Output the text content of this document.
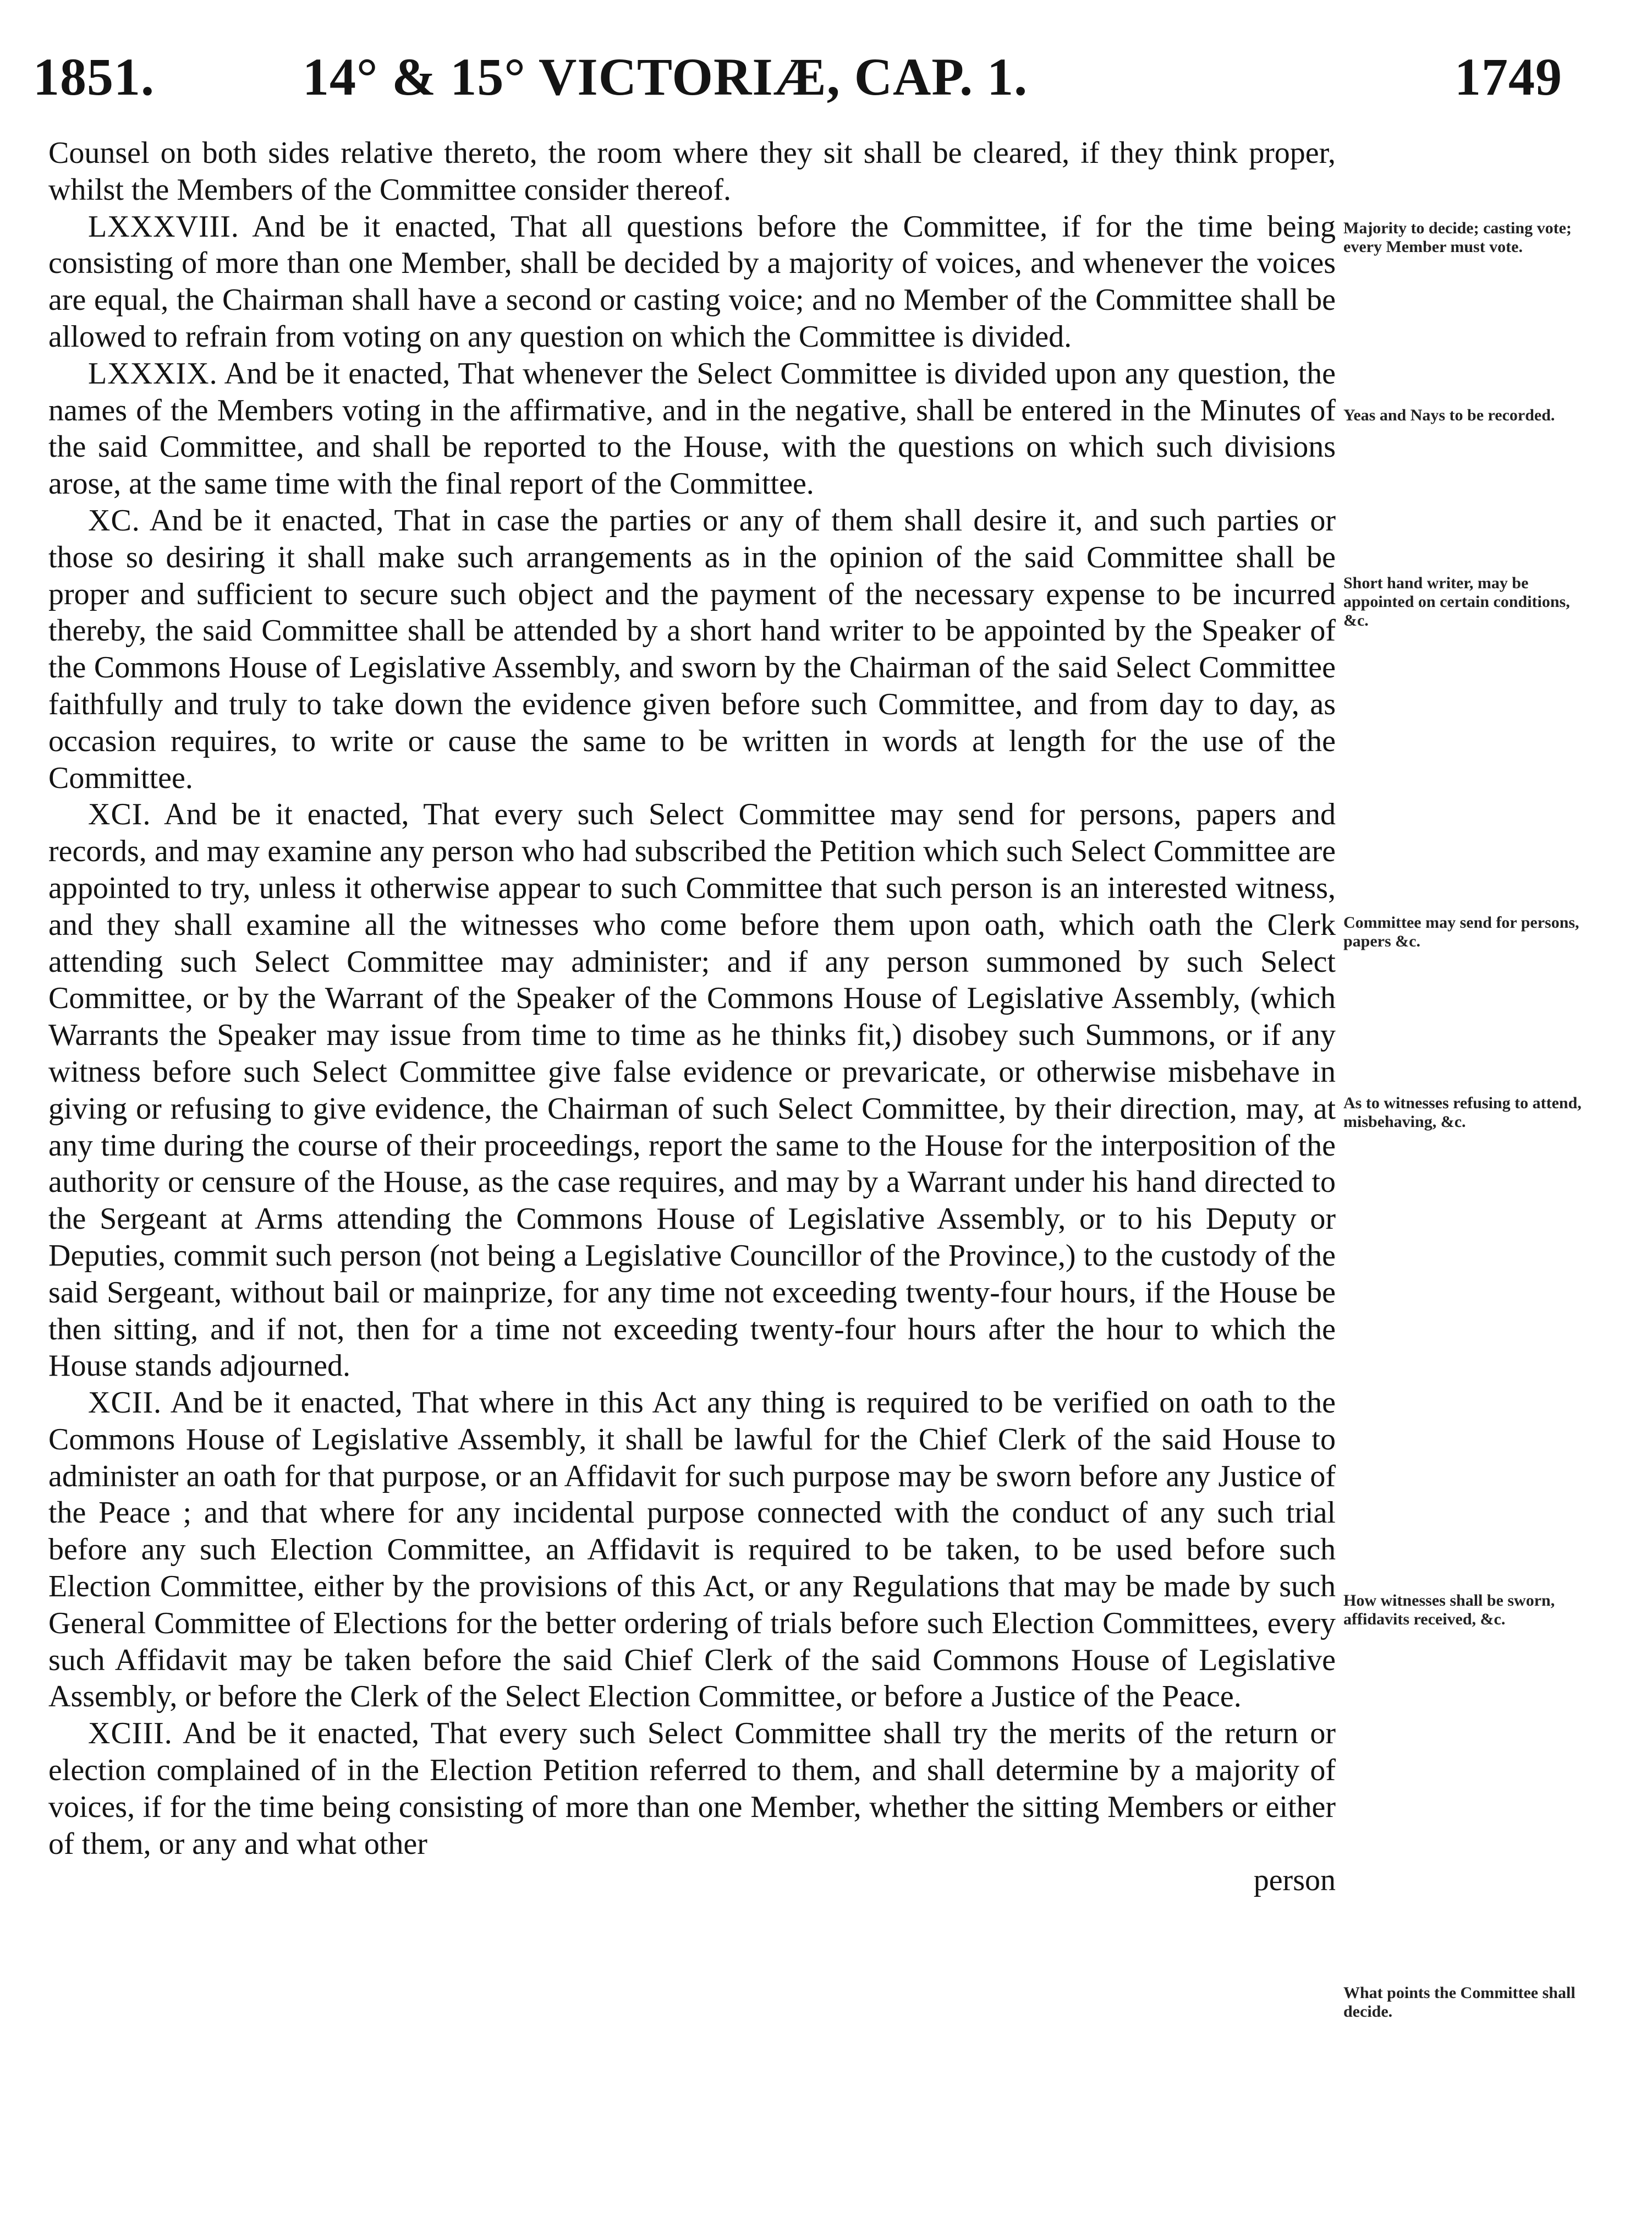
1851.	14° & 15° VICTORIÆ, CAP. 1.	1749

Counsel on both sides relative thereto, the room where they sit shall be cleared, if they think proper, whilst the Members of the Committee consider thereof.

LXXXVIII. And be it enacted, That all questions before the Committee, if for the time being consisting of more than one Member, shall be decided by a majority of voices, and whenever the voices are equal, the Chairman shall have a second or casting voice; and no Member of the Committee shall be allowed to refrain from voting on any question on which the Committee is divided.

LXXXIX. And be it enacted, That whenever the Select Committee is divided upon any question, the names of the Members voting in the affirmative, and in the negative, shall be entered in the Minutes of the said Committee, and shall be reported to the House, with the questions on which such divisions arose, at the same time with the final report of the Committee.

XC. And be it enacted, That in case the parties or any of them shall desire it, and such parties or those so desiring it shall make such arrangements as in the opinion of the said Committee shall be proper and sufficient to secure such object and the payment of the necessary expense to be incurred thereby, the said Committee shall be attended by a short hand writer to be appointed by the Speaker of the Commons House of Legislative Assembly, and sworn by the Chairman of the said Select Committee faithfully and truly to take down the evidence given before such Committee, and from day to day, as occasion requires, to write or cause the same to be written in words at length for the use of the Committee.

XCI. And be it enacted, That every such Select Committee may send for persons, papers and records, and may examine any person who had subscribed the Petition which such Select Committee are appointed to try, unless it otherwise appear to such Committee that such person is an interested witness, and they shall examine all the witnesses who come before them upon oath, which oath the Clerk attending such Select Committee may administer; and if any person summoned by such Select Committee, or by the Warrant of the Speaker of the Commons House of Legislative Assembly, (which Warrants the Speaker may issue from time to time as he thinks fit,) disobey such Summons, or if any witness before such Select Committee give false evidence or prevaricate, or otherwise misbehave in giving or refusing to give evidence, the Chairman of such Select Committee, by their direction, may, at any time during the course of their proceedings, report the same to the House for the interposition of the authority or censure of the House, as the case requires, and may by a Warrant under his hand directed to the Sergeant at Arms attending the Commons House of Legislative Assembly, or to his Deputy or Deputies, commit such person (not being a Legislative Councillor of the Province,) to the custody of the said Sergeant, without bail or mainprize, for any time not exceeding twenty-four hours, if the House be then sitting, and if not, then for a time not exceeding twenty-four hours after the hour to which the House stands adjourned.

XCII. And be it enacted, That where in this Act any thing is required to be verified on oath to the Commons House of Legislative Assembly, it shall be lawful for the Chief Clerk of the said House to administer an oath for that purpose, or an Affidavit for such purpose may be sworn before any Justice of the Peace ; and that where for any incidental purpose connected with the conduct of any such trial before any such Election Committee, an Affidavit is required to be taken, to be used before such Election Committee, either by the provisions of this Act, or any Regulations that may be made by such General Committee of Elections for the better ordering of trials before such Election Committees, every such Affidavit may be taken before the said Chief Clerk of the said Commons House of Legislative Assembly, or before the Clerk of the Select Election Committee, or before a Justice of the Peace.

XCIII. And be it enacted, That every such Select Committee shall try the merits of the return or election complained of in the Election Petition referred to them, and shall determine by a majority of voices, if for the time being consisting of more than one Member, whether the sitting Members or either of them, or any and what other

person

Majority to decide; casting vote; every Member must vote.
Yeas and Nays to be recorded.
Short hand writer, may be appointed on certain conditions, &c.
Committee may send for persons, papers &c.
As to witnesses refusing to attend, misbehaving, &c.
How witnesses shall be sworn, affidavits received, &c.
What points the Committee shall decide.
